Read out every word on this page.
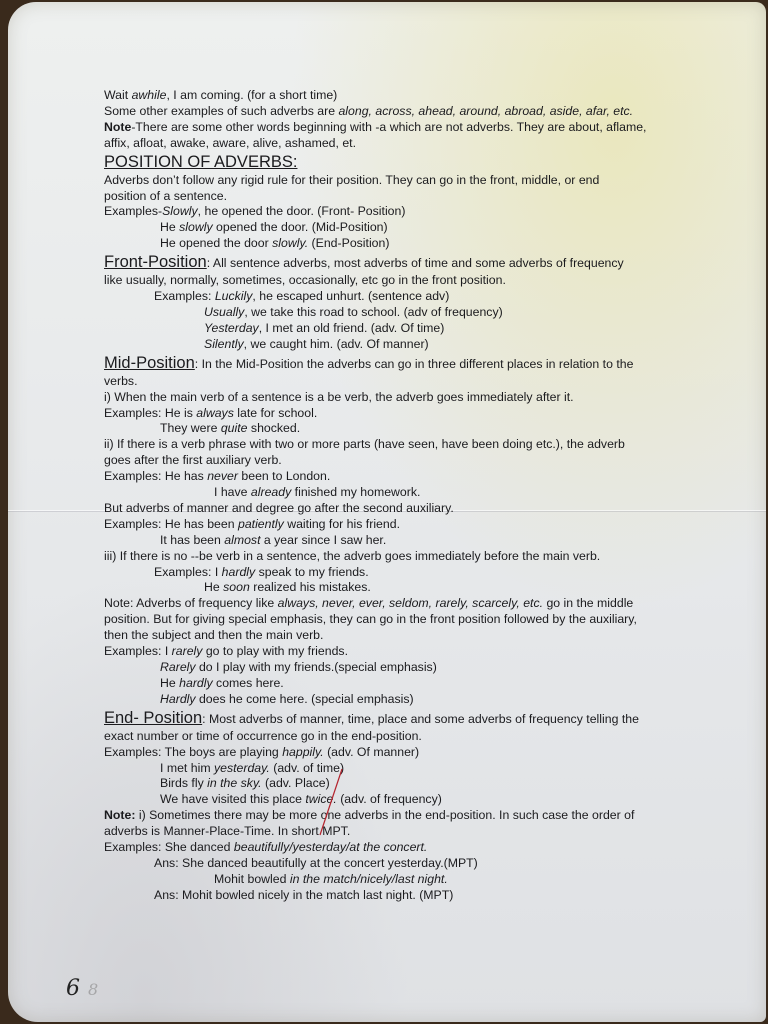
Wait awhile, I am coming. (for a short time)
Some other examples of such adverbs are along, across, ahead, around, abroad, aside, afar, etc.
Note-There are some other words beginning with -a which are not adverbs. They are about, aflame,
affix, afloat, awake, aware, alive, ashamed, et.
POSITION OF ADVERBS:
Adverbs don’t follow any rigid rule for their position. They can go in the front, middle, or end
position of a sentence.
Examples-Slowly, he opened the door. (Front- Position)
He slowly opened the door. (Mid-Position)
He opened the door slowly. (End-Position)
Front-Position: All sentence adverbs, most adverbs of time and some adverbs of frequency
like usually, normally, sometimes, occasionally, etc go in the front position.
Examples: Luckily, he escaped unhurt. (sentence adv)
Usually, we take this road to school. (adv of frequency)
Yesterday, I met an old friend. (adv. Of time)
Silently, we caught him. (adv. Of manner)
Mid-Position: In the Mid-Position the adverbs can go in three different places in relation to the
verbs.
i) When the main verb of a sentence is a be verb, the adverb goes immediately after it.
Examples: He is always late for school.
They were quite shocked.
ii) If there is a verb phrase with two or more parts (have seen, have been doing etc.), the adverb
goes after the first auxiliary verb.
Examples: He has never been to London.
I have already finished my homework.
But adverbs of manner and degree go after the second auxiliary.
Examples: He has been patiently waiting for his friend.
It has been almost a year since I saw her.
iii) If there is no --be verb in a sentence, the adverb goes immediately before the main verb.
Examples: I hardly speak to my friends.
He soon realized his mistakes.
Note: Adverbs of frequency like always, never, ever, seldom, rarely, scarcely, etc. go in the middle
position. But for giving special emphasis, they can go in the front position followed by the auxiliary,
then the subject and then the main verb.
Examples: I rarely go to play with my friends.
Rarely do I play with my friends.(special emphasis)
He hardly comes here.
Hardly does he come here. (special emphasis)
End- Position: Most adverbs of manner, time, place and some adverbs of frequency telling the
exact number or time of occurrence go in the end-position.
Examples: The boys are playing happily. (adv. Of manner)
I met him yesterday. (adv. of time)
Birds fly in the sky. (adv. Place)
We have visited this place twice. (adv. of frequency)
Note: i) Sometimes there may be more one adverbs in the end-position. In such case the order of
adverbs is Manner-Place-Time. In short MPT.
Examples: She danced beautifully/yesterday/at the concert.
Ans: She danced beautifully at the concert yesterday.(MPT)
Mohit bowled in the match/nicely/last night.
Ans: Mohit bowled nicely in the match last night. (MPT)
6 8
